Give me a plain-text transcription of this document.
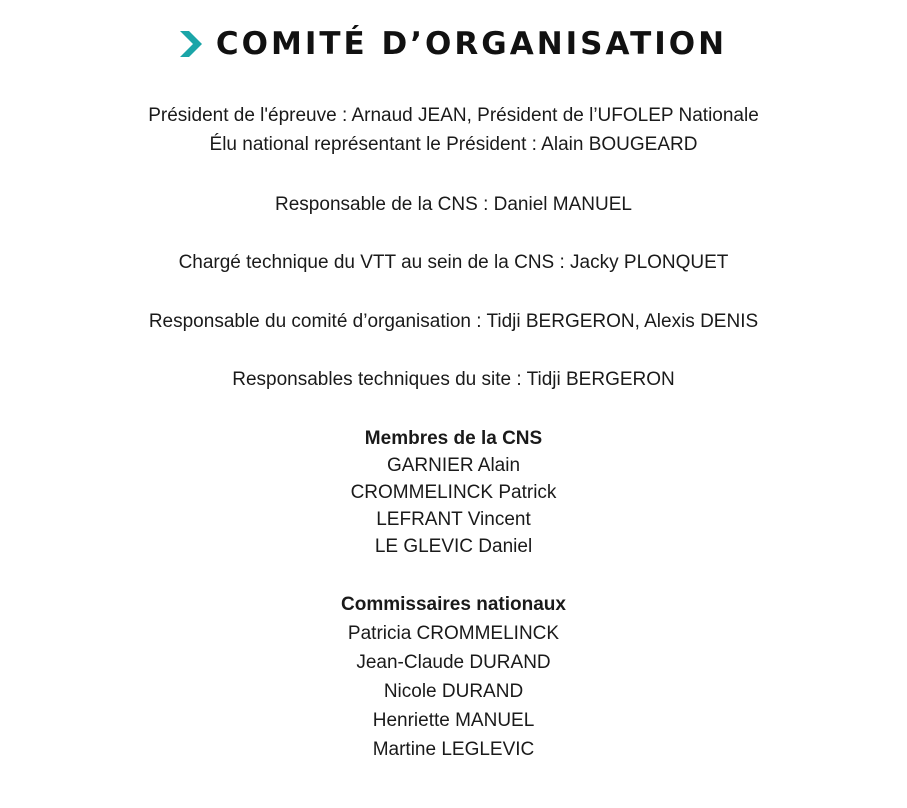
COMITÉ D’ORGANISATION
Président de l'épreuve : Arnaud JEAN, Président de l’UFOLEP Nationale
Élu national représentant le Président : Alain BOUGEARD
Responsable de la CNS : Daniel MANUEL
Chargé technique du VTT au sein de la CNS : Jacky PLONQUET
Responsable du comité d’organisation : Tidji BERGERON, Alexis DENIS
Responsables techniques du site : Tidji BERGERON
Membres de la CNS
GARNIER Alain
CROMMELINCK Patrick
LEFRANT Vincent
LE GLEVIC Daniel
Commissaires nationaux
Patricia CROMMELINCK
Jean-Claude DURAND
Nicole DURAND
Henriette MANUEL
Martine LEGLEVIC
